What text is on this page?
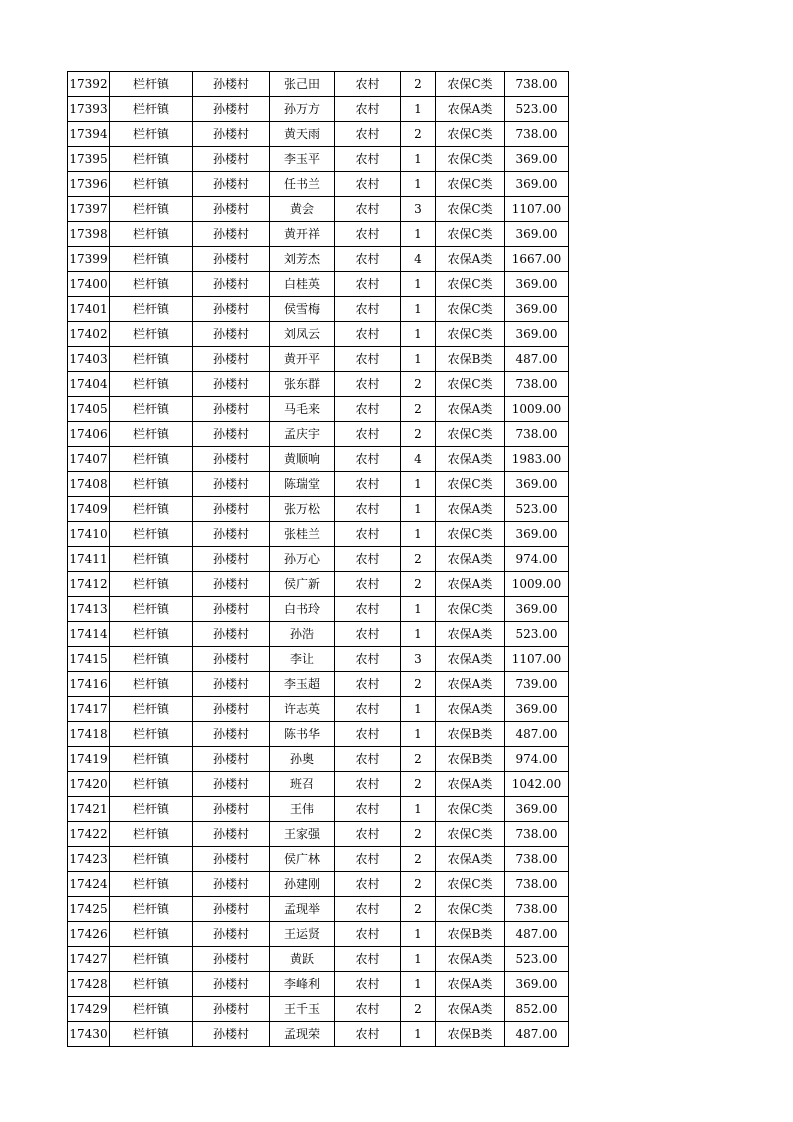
17392	栏杆镇	孙楼村	张己田	农村	2	农保C类	738.00
17393	栏杆镇	孙楼村	孙万方	农村	1	农保A类	523.00
17394	栏杆镇	孙楼村	黄天雨	农村	2	农保C类	738.00
17395	栏杆镇	孙楼村	李玉平	农村	1	农保C类	369.00
17396	栏杆镇	孙楼村	任书兰	农村	1	农保C类	369.00
17397	栏杆镇	孙楼村	黄会	农村	3	农保C类	1107.00
17398	栏杆镇	孙楼村	黄开祥	农村	1	农保C类	369.00
17399	栏杆镇	孙楼村	刘芳杰	农村	4	农保A类	1667.00
17400	栏杆镇	孙楼村	白桂英	农村	1	农保C类	369.00
17401	栏杆镇	孙楼村	侯雪梅	农村	1	农保C类	369.00
17402	栏杆镇	孙楼村	刘凤云	农村	1	农保C类	369.00
17403	栏杆镇	孙楼村	黄开平	农村	1	农保B类	487.00
17404	栏杆镇	孙楼村	张东群	农村	2	农保C类	738.00
17405	栏杆镇	孙楼村	马毛来	农村	2	农保A类	1009.00
17406	栏杆镇	孙楼村	孟庆宇	农村	2	农保C类	738.00
17407	栏杆镇	孙楼村	黄顺响	农村	4	农保A类	1983.00
17408	栏杆镇	孙楼村	陈瑞堂	农村	1	农保C类	369.00
17409	栏杆镇	孙楼村	张万松	农村	1	农保A类	523.00
17410	栏杆镇	孙楼村	张桂兰	农村	1	农保C类	369.00
17411	栏杆镇	孙楼村	孙万心	农村	2	农保A类	974.00
17412	栏杆镇	孙楼村	侯广新	农村	2	农保A类	1009.00
17413	栏杆镇	孙楼村	白书玲	农村	1	农保C类	369.00
17414	栏杆镇	孙楼村	孙浩	农村	1	农保A类	523.00
17415	栏杆镇	孙楼村	李让	农村	3	农保A类	1107.00
17416	栏杆镇	孙楼村	李玉超	农村	2	农保A类	739.00
17417	栏杆镇	孙楼村	许志英	农村	1	农保A类	369.00
17418	栏杆镇	孙楼村	陈书华	农村	1	农保B类	487.00
17419	栏杆镇	孙楼村	孙奥	农村	2	农保B类	974.00
17420	栏杆镇	孙楼村	班召	农村	2	农保A类	1042.00
17421	栏杆镇	孙楼村	王伟	农村	1	农保C类	369.00
17422	栏杆镇	孙楼村	王家强	农村	2	农保C类	738.00
17423	栏杆镇	孙楼村	侯广林	农村	2	农保A类	738.00
17424	栏杆镇	孙楼村	孙建刚	农村	2	农保C类	738.00
17425	栏杆镇	孙楼村	孟现举	农村	2	农保C类	738.00
17426	栏杆镇	孙楼村	王运贤	农村	1	农保B类	487.00
17427	栏杆镇	孙楼村	黄跃	农村	1	农保A类	523.00
17428	栏杆镇	孙楼村	李峰利	农村	1	农保A类	369.00
17429	栏杆镇	孙楼村	王千玉	农村	2	农保A类	852.00
17430	栏杆镇	孙楼村	孟现荣	农村	1	农保B类	487.00
